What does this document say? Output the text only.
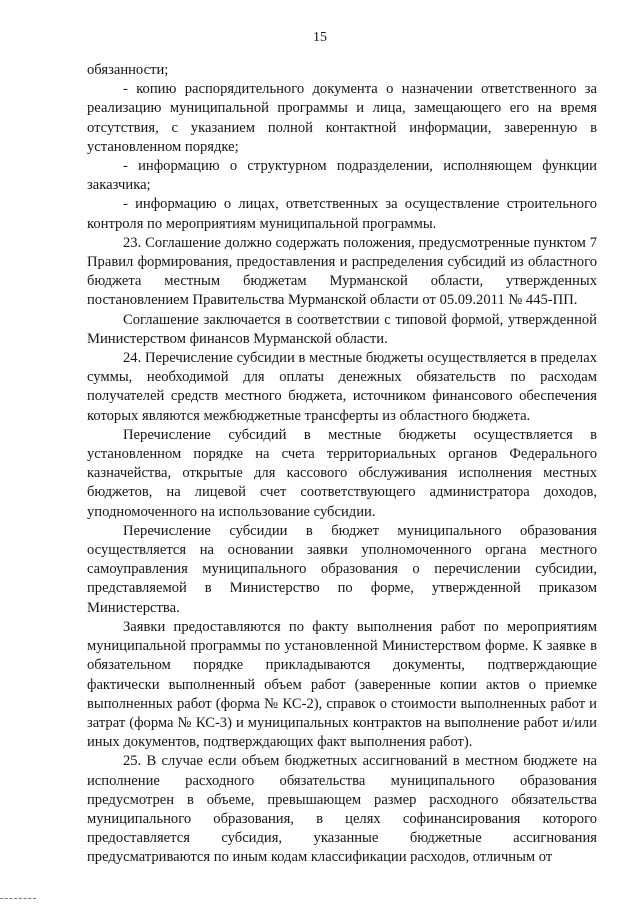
15

обязанности;

- копию распорядительного документа о назначении ответственного за реализацию муниципальной программы и лица, замещающего его на время отсутствия, с указанием полной контактной информации, заверенную в установленном порядке;

- информацию о структурном подразделении, исполняющем функции заказчика;

- информацию о лицах, ответственных за осуществление строительного контроля по мероприятиям муниципальной программы.

23. Соглашение должно содержать положения, предусмотренные пунктом 7 Правил формирования, предоставления и распределения субсидий из областного бюджета местным бюджетам Мурманской области, утвержденных постановлением Правительства Мурманской области от 05.09.2011 № 445-ПП.

Соглашение заключается в соответствии с типовой формой, утвержденной Министерством финансов Мурманской области.

24. Перечисление субсидии в местные бюджеты осуществляется в пределах суммы, необходимой для оплаты денежных обязательств по расходам получателей средств местного бюджета, источником финансового обеспечения которых являются межбюджетные трансферты из областного бюджета.

Перечисление субсидий в местные бюджеты осуществляется в установленном порядке на счета территориальных органов Федерального казначейства, открытые для кассового обслуживания исполнения местных бюджетов, на лицевой счет соответствующего администратора доходов, уподномоченного на использование субсидии.

Перечисление субсидии в бюджет муниципального образования осуществляется на основании заявки уполномоченного органа местного самоуправления муниципального образования о перечислении субсидии, представляемой в Министерство по форме, утвержденной приказом Министерства.

Заявки предоставляются по факту выполнения работ по мероприятиям муниципальной программы по установленной Министерством форме. К заявке в обязательном порядке прикладываются документы, подтверждающие фактически выполненный объем работ (заверенные копии актов о приемке выполненных работ (форма № КС-2), справок о стоимости выполненных работ и затрат (форма № КС-3) и муниципальных контрактов на выполнение работ и/или иных документов, подтверждающих факт выполнения работ).

25. В случае если объем бюджетных ассигнований в местном бюджете на исполнение расходного обязательства муниципального образования предусмотрен в объеме, превышающем размер расходного обязательства муниципального образования, в целях софинансирования которого предоставляется субсидия, указанные бюджетные ассигнования предусматриваются по иным кодам классификации расходов, отличным от
